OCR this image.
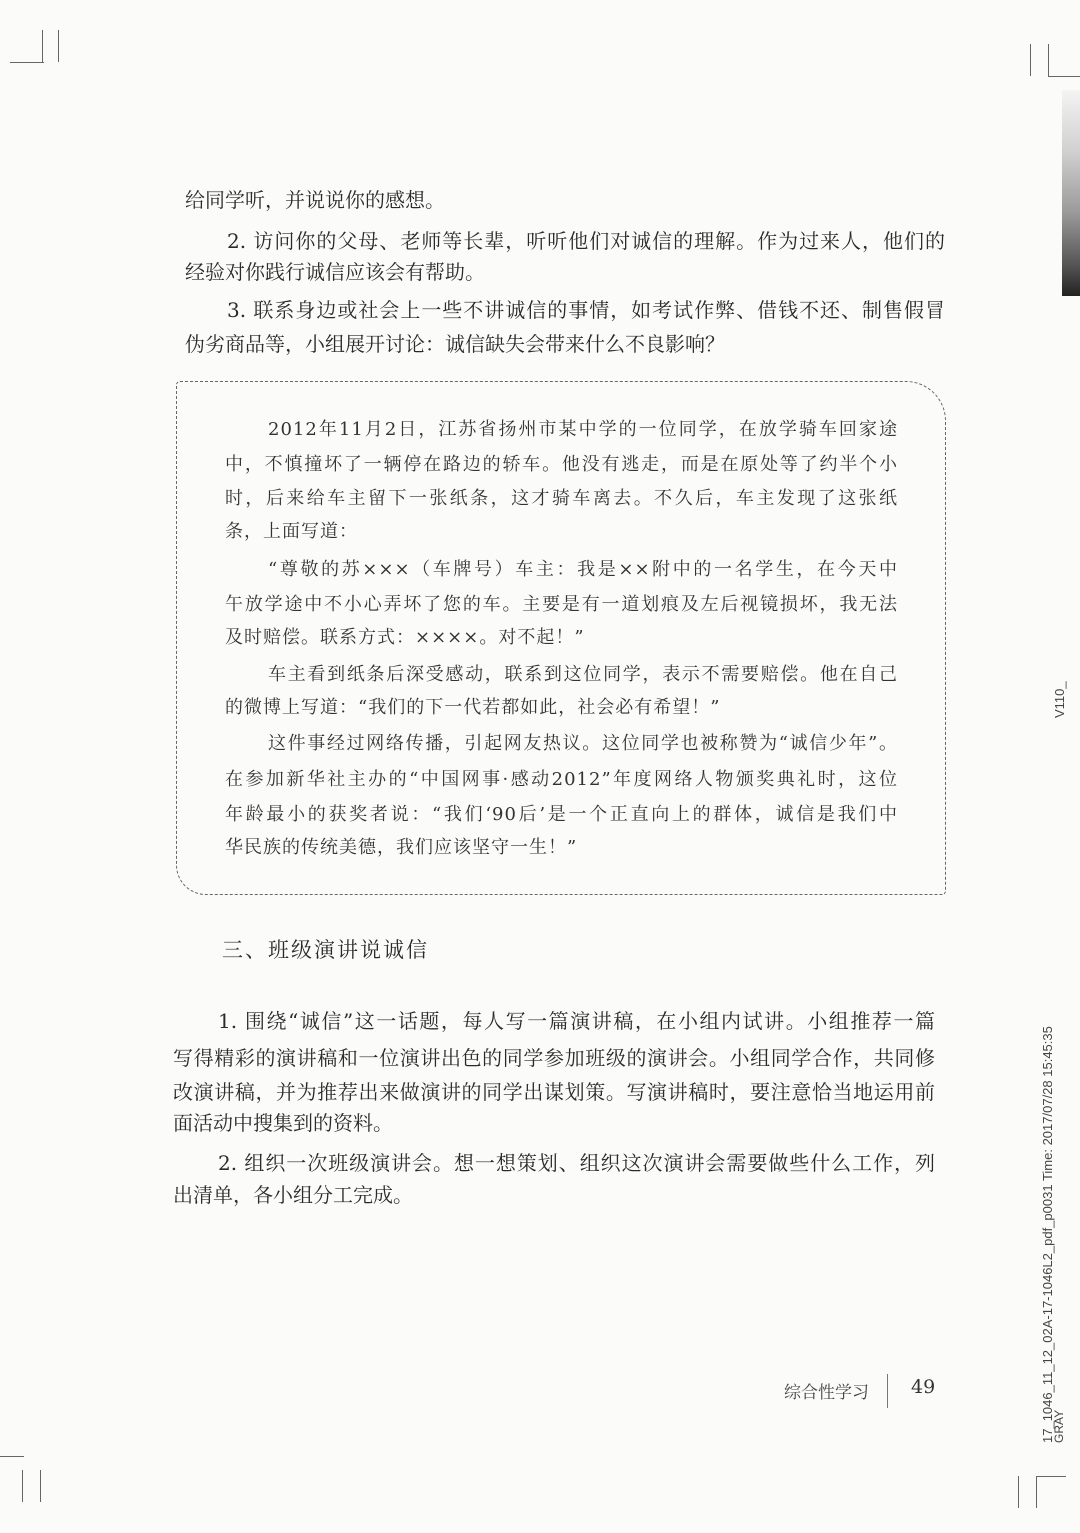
给同学听，并说说你的感想。
2. 访问你的父母、老师等长辈，听听他们对诚信的理解。作为过来人，他们的
经验对你践行诚信应该会有帮助。
3. 联系身边或社会上一些不讲诚信的事情，如考试作弊、借钱不还、制售假冒
伪劣商品等，小组展开讨论：诚信缺失会带来什么不良影响？
2012年11月2日，江苏省扬州市某中学的一位同学，在放学骑车回家途
中，不慎撞坏了一辆停在路边的轿车。他没有逃走，而是在原处等了约半个小
时，后来给车主留下一张纸条，这才骑车离去。不久后，车主发现了这张纸
条，上面写道：
“尊敬的苏×××（车牌号）车主：我是××附中的一名学生，在今天中
午放学途中不小心弄坏了您的车。主要是有一道划痕及左后视镜损坏，我无法
及时赔偿。联系方式：××××。对不起！”
车主看到纸条后深受感动，联系到这位同学，表示不需要赔偿。他在自己
的微博上写道：“我们的下一代若都如此，社会必有希望！”
这件事经过网络传播，引起网友热议。这位同学也被称赞为“诚信少年”。
在参加新华社主办的“中国网事·感动2012”年度网络人物颁奖典礼时，这位
年龄最小的获奖者说：“我们‘90后’是一个正直向上的群体，诚信是我们中
华民族的传统美德，我们应该坚守一生！”
三、班级演讲说诚信
1. 围绕“诚信”这一话题，每人写一篇演讲稿，在小组内试讲。小组推荐一篇
写得精彩的演讲稿和一位演讲出色的同学参加班级的演讲会。小组同学合作，共同修
改演讲稿，并为推荐出来做演讲的同学出谋划策。写演讲稿时，要注意恰当地运用前
面活动中搜集到的资料。
2. 组织一次班级演讲会。想一想策划、组织这次演讲会需要做些什么工作，列
出清单，各小组分工完成。
综合性学习 49
V110_
17_1046_11_12_02A-17-1046L2_pdf_p0031 Time: 2017/07/28 15:45:35
GRAY
